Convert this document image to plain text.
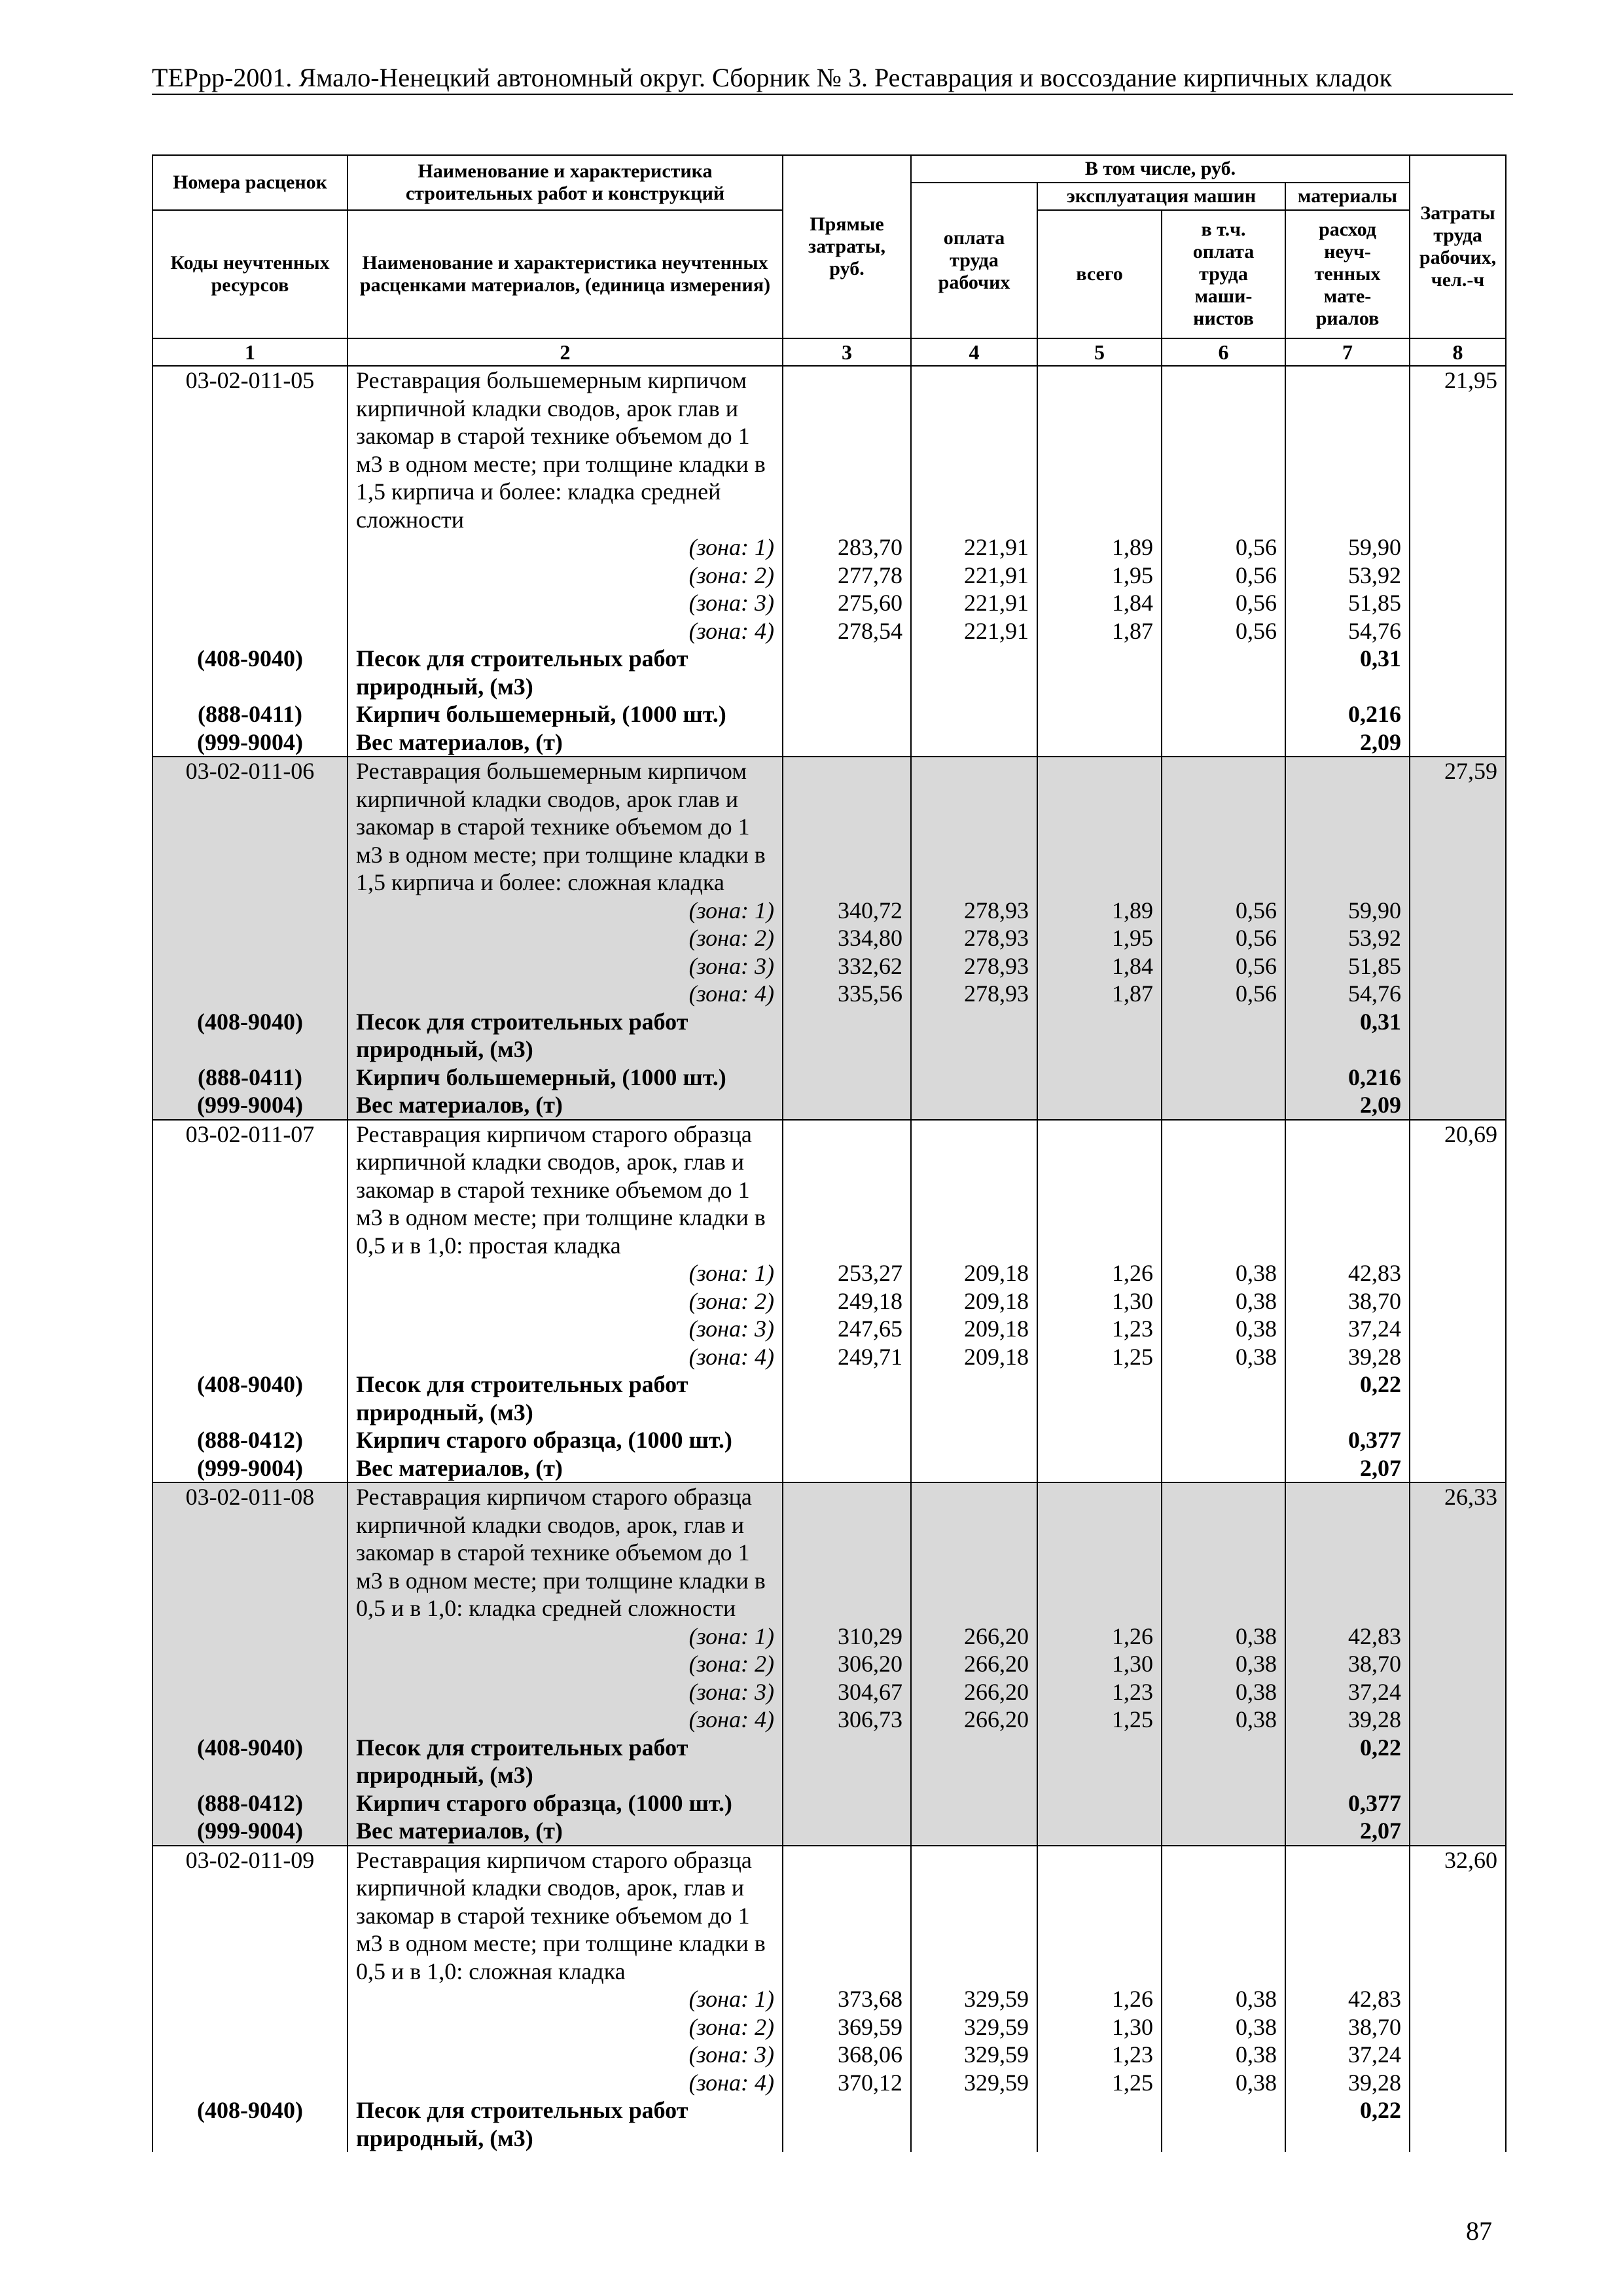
ТЕРрр-2001. Ямало-Ненецкий автономный округ. Сборник № 3. Реставрация и воссоздание кирпичных кладок
Номера расценок	Наименование и характеристика строительных работ и конструкций	Прямые затраты, руб.	В том числе, руб.				Затраты труда рабочих, чел.-ч
			оплата труда рабочих	эксплуатация машин		материалы	
Коды неучтенных ресурсов	Наименование и характеристика неучтенных расценками материалов, (единица измерения)			всего	в т.ч. оплата труда маши-нистов	расход неуч-тенных мате-риалов	

1	2	3	4	5	6	7	8
03-02-011-05	Реставрация большемерным кирпичом кирпичной кладки сводов, арок глав и закомар в старой технике объемом до 1 м3 в одном месте; при толщине кладки в 1,5 кирпича и более: кладка средней сложности						21,95
	(зона: 1)	283,70	221,91	1,89	0,56	59,90	
	(зона: 2)	277,78	221,91	1,95	0,56	53,92	
	(зона: 3)	275,60	221,91	1,84	0,56	51,85	
	(зона: 4)	278,54	221,91	1,87	0,56	54,76	
(408-9040)	Песок для строительных работ природный, (м3)					0,31	
(888-0411)	Кирпич большемерный, (1000 шт.)					0,216	
(999-9004)	Вес материалов, (т)					2,09	
03-02-011-06	Реставрация большемерным кирпичом кирпичной кладки сводов, арок глав и закомар в старой технике объемом до 1 м3 в одном месте; при толщине кладки в 1,5 кирпича и более: сложная кладка						27,59
	(зона: 1)	340,72	278,93	1,89	0,56	59,90	
	(зона: 2)	334,80	278,93	1,95	0,56	53,92	
	(зона: 3)	332,62	278,93	1,84	0,56	51,85	
	(зона: 4)	335,56	278,93	1,87	0,56	54,76	
(408-9040)	Песок для строительных работ природный, (м3)					0,31	
(888-0411)	Кирпич большемерный, (1000 шт.)					0,216	
(999-9004)	Вес материалов, (т)					2,09	
03-02-011-07	Реставрация кирпичом старого образца кирпичной кладки сводов, арок, глав и закомар в старой технике объемом до 1 м3 в одном месте; при толщине кладки в 0,5 и в 1,0: простая кладка						20,69
	(зона: 1)	253,27	209,18	1,26	0,38	42,83	
	(зона: 2)	249,18	209,18	1,30	0,38	38,70	
	(зона: 3)	247,65	209,18	1,23	0,38	37,24	
	(зона: 4)	249,71	209,18	1,25	0,38	39,28	
(408-9040)	Песок для строительных работ природный, (м3)					0,22	
(888-0412)	Кирпич старого образца, (1000 шт.)					0,377	
(999-9004)	Вес материалов, (т)					2,07	
03-02-011-08	Реставрация кирпичом старого образца кирпичной кладки сводов, арок, глав и закомар в старой технике объемом до 1 м3 в одном месте; при толщине кладки в 0,5 и в 1,0: кладка средней сложности						26,33
	(зона: 1)	310,29	266,20	1,26	0,38	42,83	
	(зона: 2)	306,20	266,20	1,30	0,38	38,70	
	(зона: 3)	304,67	266,20	1,23	0,38	37,24	
	(зона: 4)	306,73	266,20	1,25	0,38	39,28	
(408-9040)	Песок для строительных работ природный, (м3)					0,22	
(888-0412)	Кирпич старого образца, (1000 шт.)					0,377	
(999-9004)	Вес материалов, (т)					2,07	
03-02-011-09	Реставрация кирпичом старого образца кирпичной кладки сводов, арок, глав и закомар в старой технике объемом до 1 м3 в одном месте; при толщине кладки в 0,5 и в 1,0: сложная кладка						32,60
	(зона: 1)	373,68	329,59	1,26	0,38	42,83	
	(зона: 2)	369,59	329,59	1,30	0,38	38,70	
	(зона: 3)	368,06	329,59	1,23	0,38	37,24	
	(зона: 4)	370,12	329,59	1,25	0,38	39,28	
(408-9040)	Песок для строительных работ природный, (м3)					0,22	
87
